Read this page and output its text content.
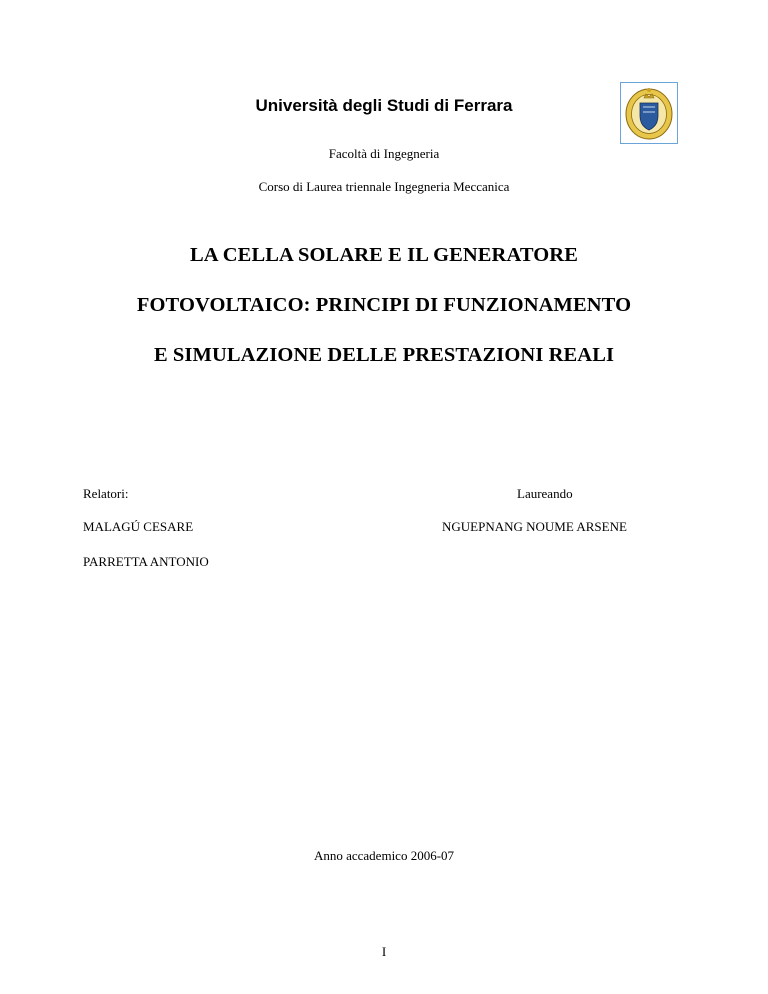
Università degli Studi di Ferrara
Facoltà di Ingegneria
Corso di Laurea triennale Ingegneria Meccanica
LA CELLA SOLARE E IL GENERATORE
FOTOVOLTAICO: PRINCIPI DI FUNZIONAMENTO
E SIMULAZIONE DELLE PRESTAZIONI REALI
Relatori:	Laureando
MALAGÚ CESARE	NGUEPNANG NOUME ARSENE
PARRETTA ANTONIO
Anno accademico 2006-07
I
